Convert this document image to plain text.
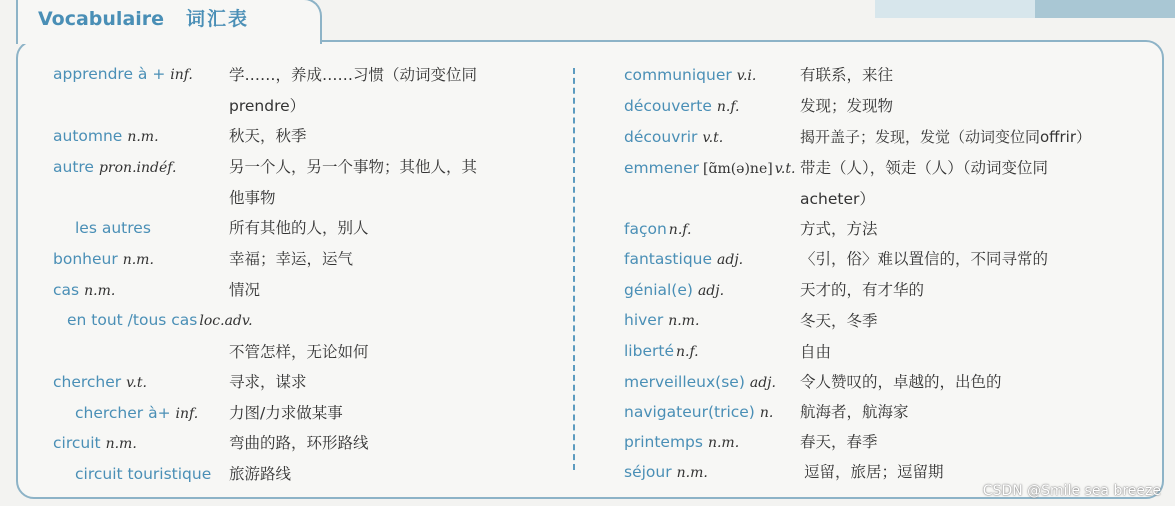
Vocabulaire 词汇表
apprendre à + inf. 学……，养成……习惯（动词变位同
prendre）
automne n.m.	秋天，秋季
autre pron.indéf.	另一个人，另一个事物；其他人，其
他事物
les autres	所有其他的人，别人
bonheur n.m.	幸福；幸运，运气
cas n.m.	情况
en tout /tous cas loc.adv.
不管怎样，无论如何
chercher v.t.	寻求，谋求
chercher à+ inf. 力图/力求做某事
circuit n.m.	弯曲的路，环形路线
circuit touristique 旅游路线
communiquer v.i.	有联系，来往
découverte n.f.	发现；发现物
découvrir v.t.	揭开盖子；发现，发觉（动词变位同offrir）
emmener [ɑ̃m(ə)ne] v.t. 带走（人），领走（人）（动词变位同
acheter）
façon n.f.	方式，方法
fantastique adj.	〈引，俗〉难以置信的，不同寻常的
génial(e) adj.	天才的，有才华的
hiver n.m.	冬天，冬季
liberté n.f.	自由
merveilleux(se) adj. 令人赞叹的，卓越的，出色的
navigateur(trice) n. 航海者，航海家
printemps n.m.	春天，春季
séjour n.m.	逗留，旅居；逗留期
CSDN @Smile sea breeze
